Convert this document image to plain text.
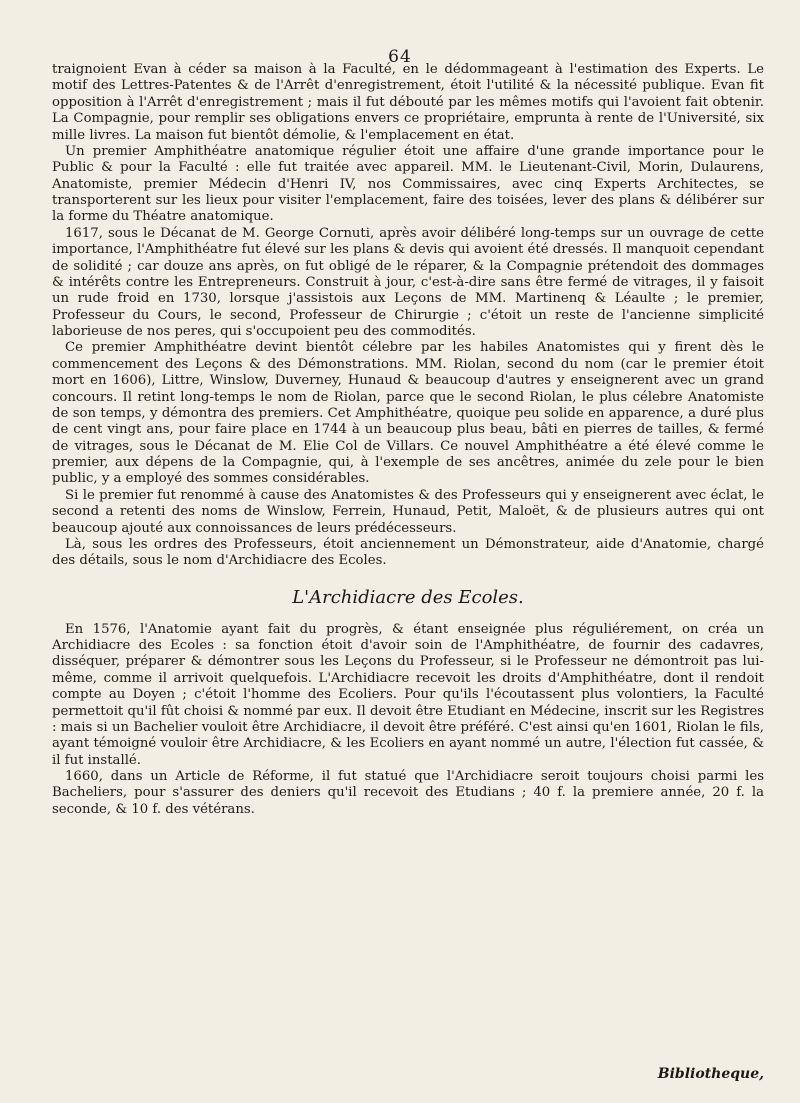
64

traignoient Evan à céder sa maison à la Faculté, en le dédommageant à l'estimation des Experts. Le motif des Lettres-Patentes & de l'Arrêt d'enregistrement, étoit l'utilité & la nécessité publique. Evan fit opposition à l'Arrêt d'enregistrement ; mais il fut débouté par les mêmes motifs qui l'avoient fait obtenir. La Compagnie, pour remplir ses obligations envers ce propriétaire, emprunta à rente de l'Université, six mille livres. La maison fut bientôt démolie, & l'emplacement en état.

Un premier Amphithéatre anatomique régulier étoit une affaire d'une grande importance pour le Public & pour la Faculté : elle fut traitée avec appareil. MM. le Lieutenant-Civil, Morin, Dulaurens, Anatomiste, premier Médecin d'Henri IV, nos Commissaires, avec cinq Experts Architectes, se transporterent sur les lieux pour visiter l'emplacement, faire des toisées, lever des plans & délibérer sur la forme du Théatre anatomique.

1617, sous le Décanat de M. George Cornuti, après avoir délibéré long-temps sur un ouvrage de cette importance, l'Amphithéatre fut élevé sur les plans & devis qui avoient été dressés. Il manquoit cependant de solidité ; car douze ans après, on fut obligé de le réparer, & la Compagnie prétendoit des dommages & intérêts contre les Entrepreneurs. Construit à jour, c'est-à-dire sans être fermé de vitrages, il y faisoit un rude froid en 1730, lorsque j'assistois aux Leçons de MM. Martinenq & Léaulte ; le premier, Professeur du Cours, le second, Professeur de Chirurgie ; c'étoit un reste de l'ancienne simplicité laborieuse de nos peres, qui s'occupoient peu des commodités.

Ce premier Amphithéatre devint bientôt célebre par les habiles Anatomistes qui y firent dès le commencement des Leçons & des Démonstrations. MM. Riolan, second du nom (car le premier étoit mort en 1606), Littre, Winslow, Duverney, Hunaud & beaucoup d'autres y enseignerent avec un grand concours. Il retint long-temps le nom de Riolan, parce que le second Riolan, le plus célebre Anatomiste de son temps, y démontra des premiers. Cet Amphithéatre, quoique peu solide en apparence, a duré plus de cent vingt ans, pour faire place en 1744 à un beaucoup plus beau, bâti en pierres de tailles, & fermé de vitrages, sous le Décanat de M. Elie Col de Villars. Ce nouvel Amphithéatre a été élevé comme le premier, aux dépens de la Compagnie, qui, à l'exemple de ses ancêtres, animée du zele pour le bien public, y a employé des sommes considérables.

Si le premier fut renommé à cause des Anatomistes & des Professeurs qui y enseignerent avec éclat, le second a retenti des noms de Winslow, Ferrein, Hunaud, Petit, Maloët, & de plusieurs autres qui ont beaucoup ajouté aux connoissances de leurs prédécesseurs.

Là, sous les ordres des Professeurs, étoit anciennement un Démonstrateur, aide d'Anatomie, chargé des détails, sous le nom d'Archidiacre des Ecoles.

L'Archidiacre des Ecoles.

En 1576, l'Anatomie ayant fait du progrès, & étant enseignée plus réguliérement, on créa un Archidiacre des Ecoles : sa fonction étoit d'avoir soin de l'Amphithéatre, de fournir des cadavres, disséquer, préparer & démontrer sous les Leçons du Professeur, si le Professeur ne démontroit pas lui-même, comme il arrivoit quelquefois. L'Archidiacre recevoit les droits d'Amphithéatre, dont il rendoit compte au Doyen ; c'étoit l'homme des Ecoliers. Pour qu'ils l'écoutassent plus volontiers, la Faculté permettoit qu'il fût choisi & nommé par eux. Il devoit être Etudiant en Médecine, inscrit sur les Registres : mais si un Bachelier vouloit être Archidiacre, il devoit être préféré. C'est ainsi qu'en 1601, Riolan le fils, ayant témoigné vouloir être Archidiacre, & les Ecoliers en ayant nommé un autre, l'élection fut cassée, & il fut installé.

1660, dans un Article de Réforme, il fut statué que l'Archidiacre seroit toujours choisi parmi les Bacheliers, pour s'assurer des deniers qu'il recevoit des Etudians ; 40 f. la premiere année, 20 f. la seconde, & 10 f. des vétérans.

Bibliotheque,
